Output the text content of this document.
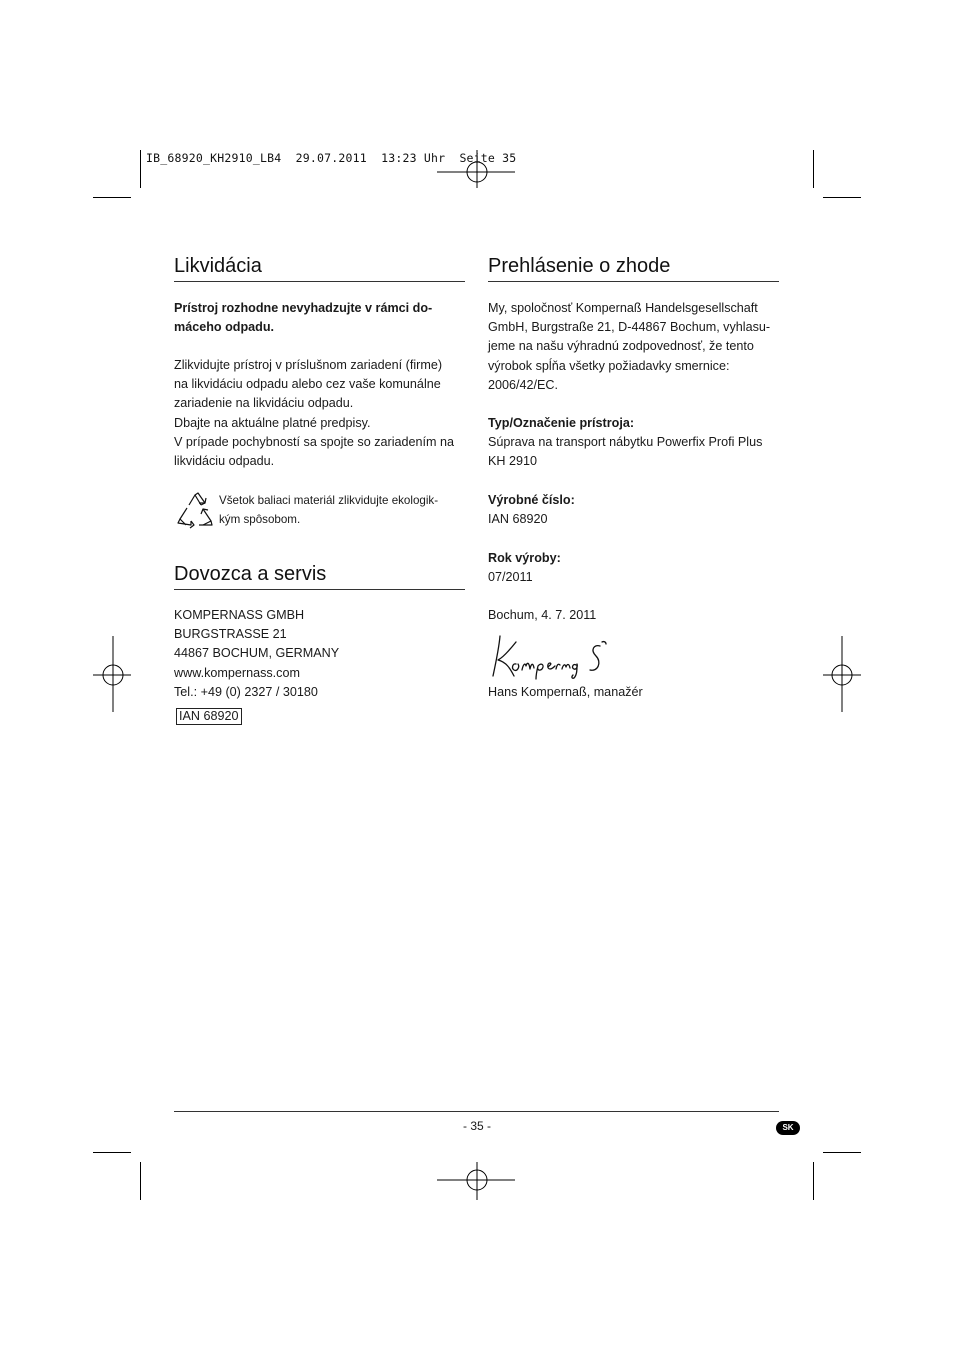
IB_68920_KH2910_LB4  29.07.2011  13:23 Uhr  Seite 35
Likvidácia

Prístroj rozhodne nevyhadzujte v rámci do-

máceho odpadu.

Zlikvidujte prístroj v príslušnom zariadení (firme)

na likvidáciu odpadu alebo cez vaše komunálne

zariadenie na likvidáciu odpadu.

Dbajte na aktuálne platné predpisy.

V prípade pochybností sa spojte so zariadením na

likvidáciu odpadu.

Všetok baliaci materiál zlikvidujte ekologik-

kým spôsobom.

Dovozca a servis

KOMPERNASS GMBH

BURGSTRASSE 21

44867 BOCHUM, GERMANY

www.kompernass.com

Tel.: +49 (0) 2327 / 30180

IAN 68920
Prehlásenie o zhode

My, spoločnosť Kompernaß Handelsgesellschaft

GmbH, Burgstraße 21, D-44867 Bochum, vyhlasu-

jeme na našu výhradnú zodpovednosť, že tento

výrobok spĺňa všetky požiadavky smernice:

2006/42/EC.

Typ/Označenie prístroja:

Súprava na transport nábytku Powerfix Profi Plus

KH 2910

Výrobné číslo:

IAN 68920

Rok výroby:

07/2011

Bochum, 4. 7. 2011
Hans Kompernaß, manažér
- 35 -	SK
